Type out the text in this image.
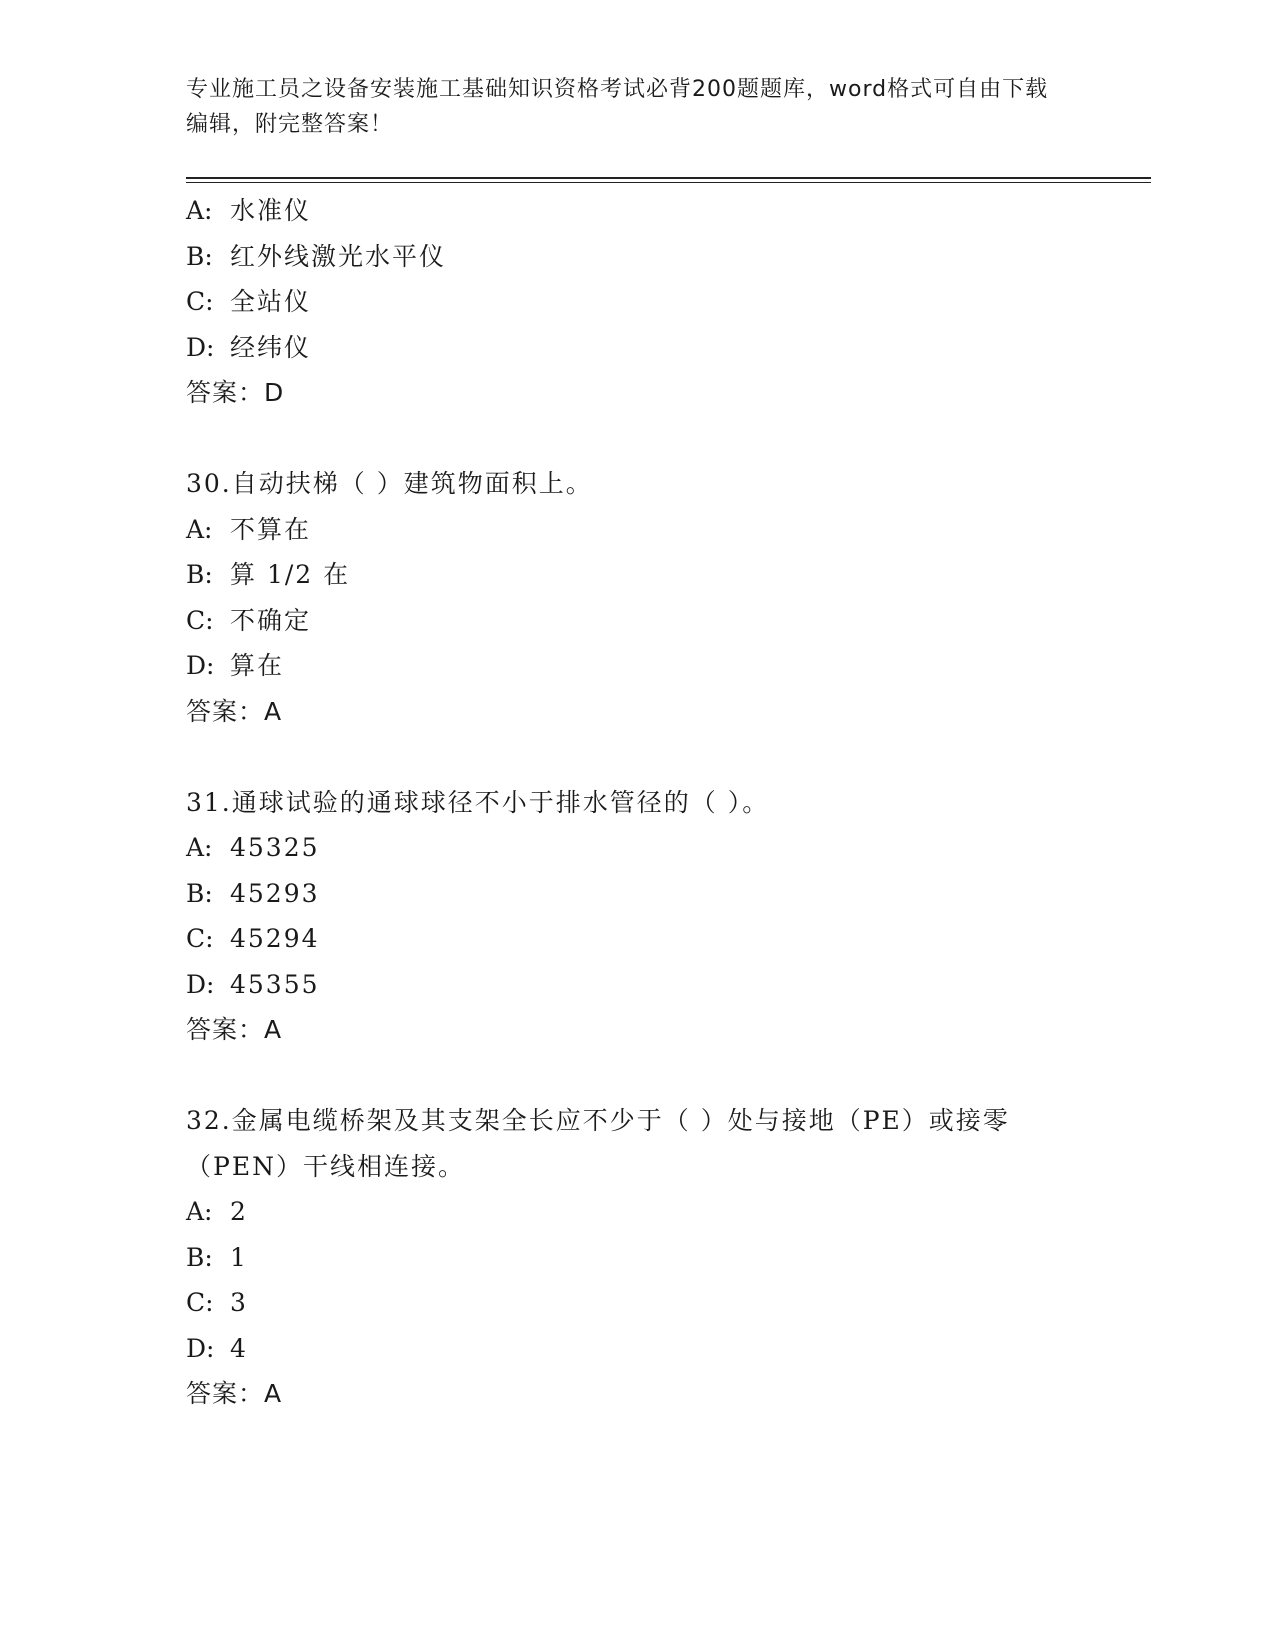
专业施工员之设备安装施工基础知识资格考试必背200题题库，word格式可自由下载编辑，附完整答案！
A: 水准仪
B: 红外线激光水平仪
C: 全站仪
D: 经纬仪
答案：D
30.自动扶梯（ ）建筑物面积上。
A: 不算在
B: 算 1/2 在
C: 不确定
D: 算在
答案：A
31.通球试验的通球球径不小于排水管径的（ ）。
A: 45325
B: 45293
C: 45294
D: 45355
答案：A
32.金属电缆桥架及其支架全长应不少于（ ）处与接地（PE）或接零
（PEN）干线相连接。
A: 2
B: 1
C: 3
D: 4
答案：A
